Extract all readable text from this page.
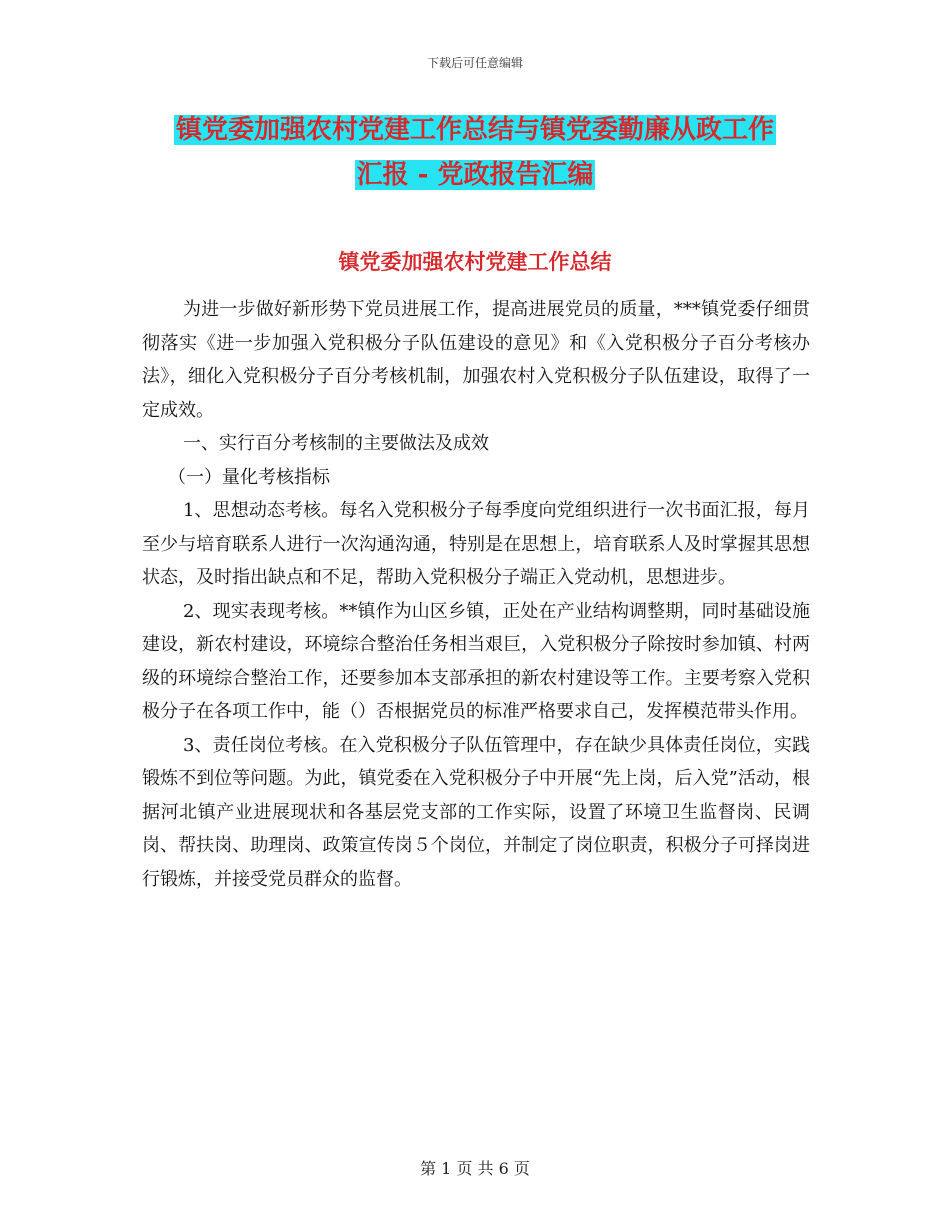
下载后可任意编辑
镇党委加强农村党建工作总结与镇党委勤廉从政工作
汇报 - 党政报告汇编
镇党委加强农村党建工作总结

为进一步做好新形势下党员进展工作，提高进展党员的质量，***镇党委仔细贯彻落实《进一步加强入党积极分子队伍建设的意见》和《入党积极分子百分考核办法》，细化入党积极分子百分考核机制，加强农村入党积极分子队伍建设，取得了一定成效。

一、实行百分考核制的主要做法及成效

（一）量化考核指标

1、思想动态考核。每名入党积极分子每季度向党组织进行一次书面汇报，每月至少与培育联系人进行一次沟通沟通，特别是在思想上，培育联系人及时掌握其思想状态，及时指出缺点和不足，帮助入党积极分子端正入党动机，思想进步。

2、现实表现考核。**镇作为山区乡镇，正处在产业结构调整期，同时基础设施建设，新农村建设，环境综合整治任务相当艰巨，入党积极分子除按时参加镇、村两级的环境综合整治工作，还要参加本支部承担的新农村建设等工作。主要考察入党积极分子在各项工作中，能（）否根据党员的标准严格要求自己，发挥模范带头作用。

3、责任岗位考核。在入党积极分子队伍管理中，存在缺少具体责任岗位，实践锻炼不到位等问题。为此，镇党委在入党积极分子中开展“先上岗，后入党”活动，根据河北镇产业进展现状和各基层党支部的工作实际，设置了环境卫生监督岗、民调岗、帮扶岗、助理岗、政策宣传岗５个岗位，并制定了岗位职责，积极分子可择岗进行锻炼，并接受党员群众的监督。

第 1 页 共 6 页
